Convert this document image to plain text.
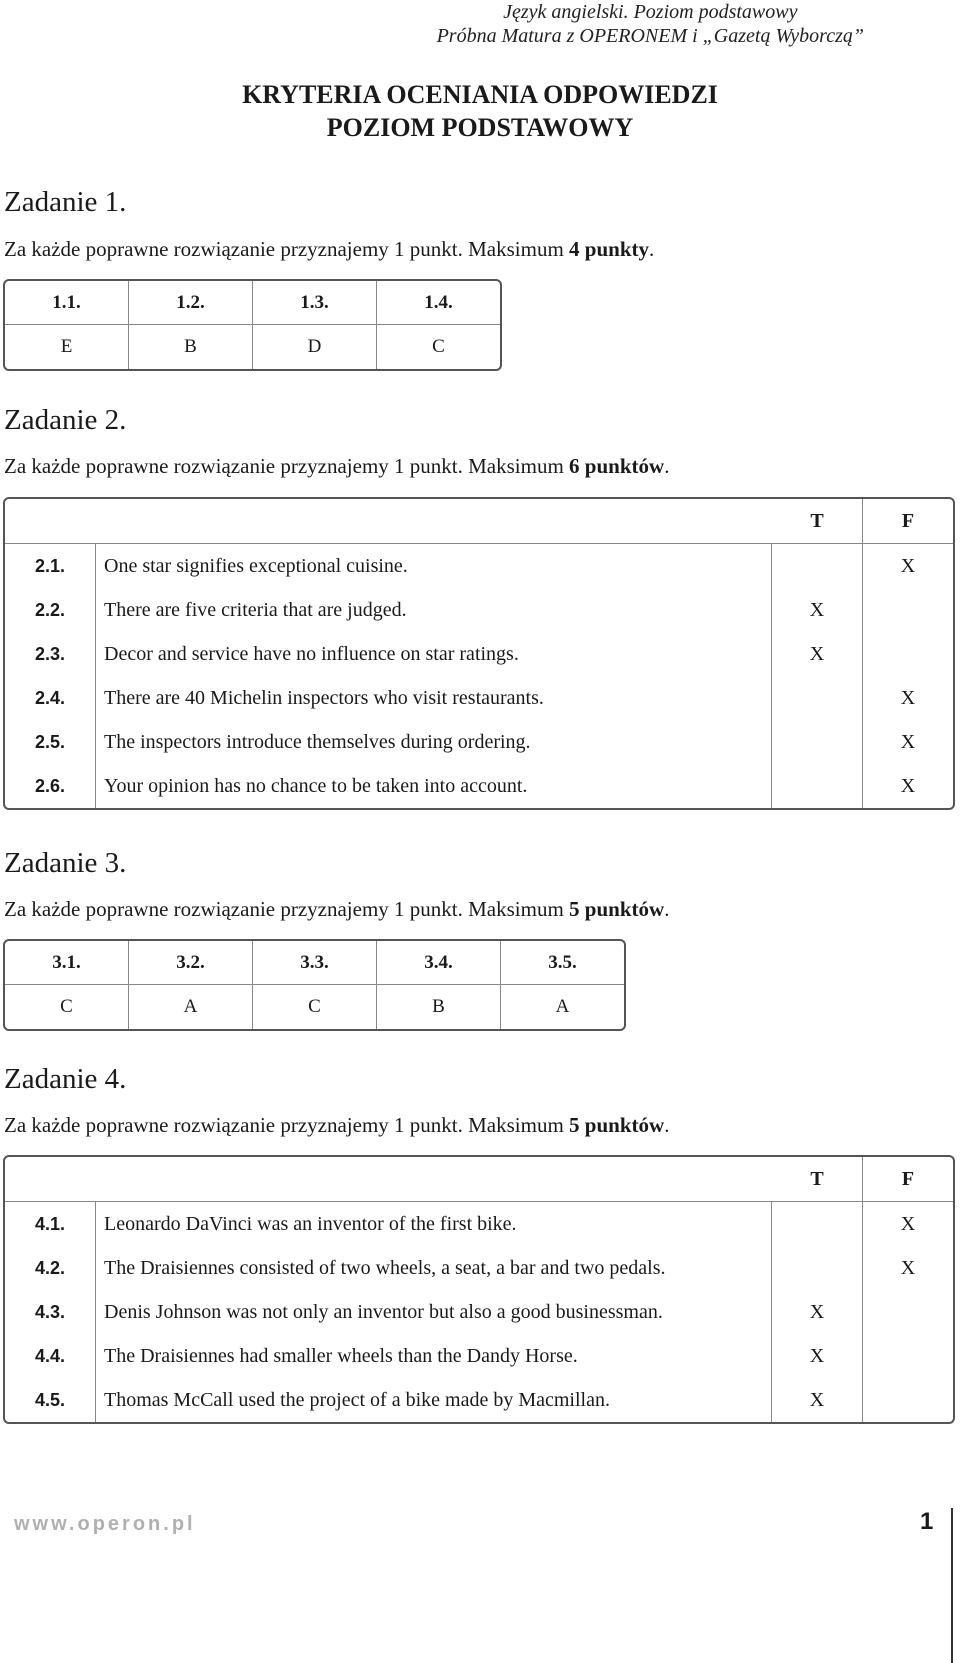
Język angielski. Poziom podstawowy
Próbna Matura z OPERONEM i „Gazetą Wyborczą”
KRYTERIA OCENIANIA ODPOWIEDZI
POZIOM PODSTAWOWY
Zadanie 1.
Za każde poprawne rozwiązanie przyznajemy 1 punkt. Maksimum 4 punkty.
1.1.	1.2.	1.3.	1.4.
E	B	D	C
Zadanie 2.
Za każde poprawne rozwiązanie przyznajemy 1 punkt. Maksimum 6 punktów.
		T	F
2.1.	One star signifies exceptional cuisine.		X
2.2.	There are five criteria that are judged.	X	
2.3.	Decor and service have no influence on star ratings.	X	
2.4.	There are 40 Michelin inspectors who visit restaurants.		X
2.5.	The inspectors introduce themselves during ordering.		X
2.6.	Your opinion has no chance to be taken into account.		X
Zadanie 3.
Za każde poprawne rozwiązanie przyznajemy 1 punkt. Maksimum 5 punktów.
3.1.	3.2.	3.3.	3.4.	3.5.
C	A	C	B	A
Zadanie 4.
Za każde poprawne rozwiązanie przyznajemy 1 punkt. Maksimum 5 punktów.
		T	F
4.1.	Leonardo DaVinci was an inventor of the first bike.		X
4.2.	The Draisiennes consisted of two wheels, a seat, a bar and two pedals.		X
4.3.	Denis Johnson was not only an inventor but also a good businessman.	X	
4.4.	The Draisiennes had smaller wheels than the Dandy Horse.	X	
4.5.	Thomas McCall used the project of a bike made by Macmillan.	X	
www.operon.pl	1
